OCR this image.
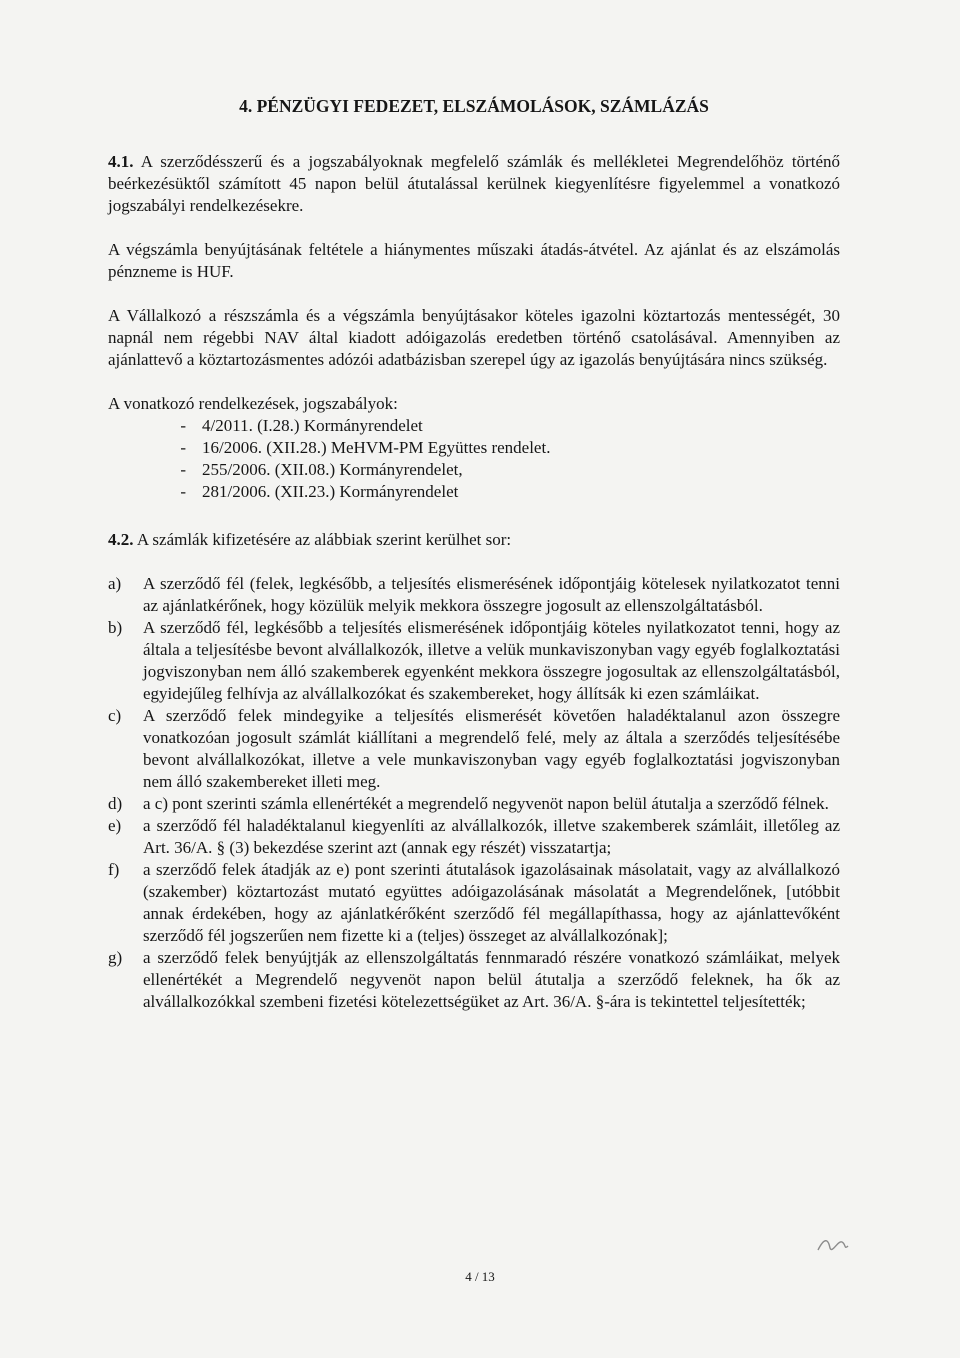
4. PÉNZÜGYI FEDEZET, ELSZÁMOLÁSOK, SZÁMLÁZÁS

4.1. A szerződésszerű és a jogszabályoknak megfelelő számlák és mellékletei Megrendelőhöz történő beérkezésüktől számított 45 napon belül átutalással kerülnek kiegyenlítésre figyelemmel a vonatkozó jogszabályi rendelkezésekre.

A végszámla benyújtásának feltétele a hiánymentes műszaki átadás-átvétel. Az ajánlat és az elszámolás pénzneme is HUF.

A Vállalkozó a részszámla és a végszámla benyújtásakor köteles igazolni köztartozás mentességét, 30 napnál nem régebbi NAV által kiadott adóigazolás eredetben történő csatolásával. Amennyiben az ajánlattevő a köztartozásmentes adózói adatbázisban szerepel úgy az igazolás benyújtására nincs szükség.

A vonatkozó rendelkezések, jogszabályok:

- 4/2011. (I.28.) Kormányrendelet
- 16/2006. (XII.28.) MeHVM-PM Együttes rendelet.
- 255/2006. (XII.08.) Kormányrendelet,
- 281/2006. (XII.23.) Kormányrendelet

4.2. A számlák kifizetésére az alábbiak szerint kerülhet sor:

a)	A szerződő fél (felek, legkésőbb, a teljesítés elismerésének időpontjáig kötelesek nyilatkozatot tenni az ajánlatkérőnek, hogy közülük melyik mekkora összegre jogosult az ellenszolgáltatásból.
b)	A szerződő fél, legkésőbb a teljesítés elismerésének időpontjáig köteles nyilatkozatot tenni, hogy az általa a teljesítésbe bevont alvállalkozók, illetve a velük munkaviszonyban vagy egyéb foglalkoztatási jogviszonyban nem álló szakemberek egyenként mekkora összegre jogosultak az ellenszolgáltatásból, egyidejűleg felhívja az alvállalkozókat és szakembereket, hogy állítsák ki ezen számláikat.
c)	A szerződő felek mindegyike a teljesítés elismerését követően haladéktalanul azon összegre vonatkozóan jogosult számlát kiállítani a megrendelő felé, mely az általa a szerződés teljesítésébe bevont alvállalkozókat, illetve a vele munkaviszonyban vagy egyéb foglalkoztatási jogviszonyban nem álló szakembereket illeti meg.
d)	a c) pont szerinti számla ellenértékét a megrendelő negyvenöt napon belül átutalja a szerződő félnek.
e)	a szerződő fél haladéktalanul kiegyenlíti az alvállalkozók, illetve szakemberek számláit, illetőleg az Art. 36/A. § (3) bekezdése szerint azt (annak egy részét) visszatartja;
f)	a szerződő felek átadják az e) pont szerinti átutalások igazolásainak másolatait, vagy az alvállalkozó (szakember) köztartozást mutató együttes adóigazolásának másolatát a Megrendelőnek, [utóbbit annak érdekében, hogy az ajánlatkérőként szerződő fél megállapíthassa, hogy az ajánlattevőként szerződő fél jogszerűen nem fizette ki a (teljes) összeget az alvállalkozónak];
g)	a szerződő felek benyújtják az ellenszolgáltatás fennmaradó részére vonatkozó számláikat, melyek ellenértékét a Megrendelő negyvenöt napon belül átutalja a szerződő feleknek, ha ők az alvállalkozókkal szembeni fizetési kötelezettségüket az Art. 36/A. §-ára is tekintettel teljesítették;
4 / 13
